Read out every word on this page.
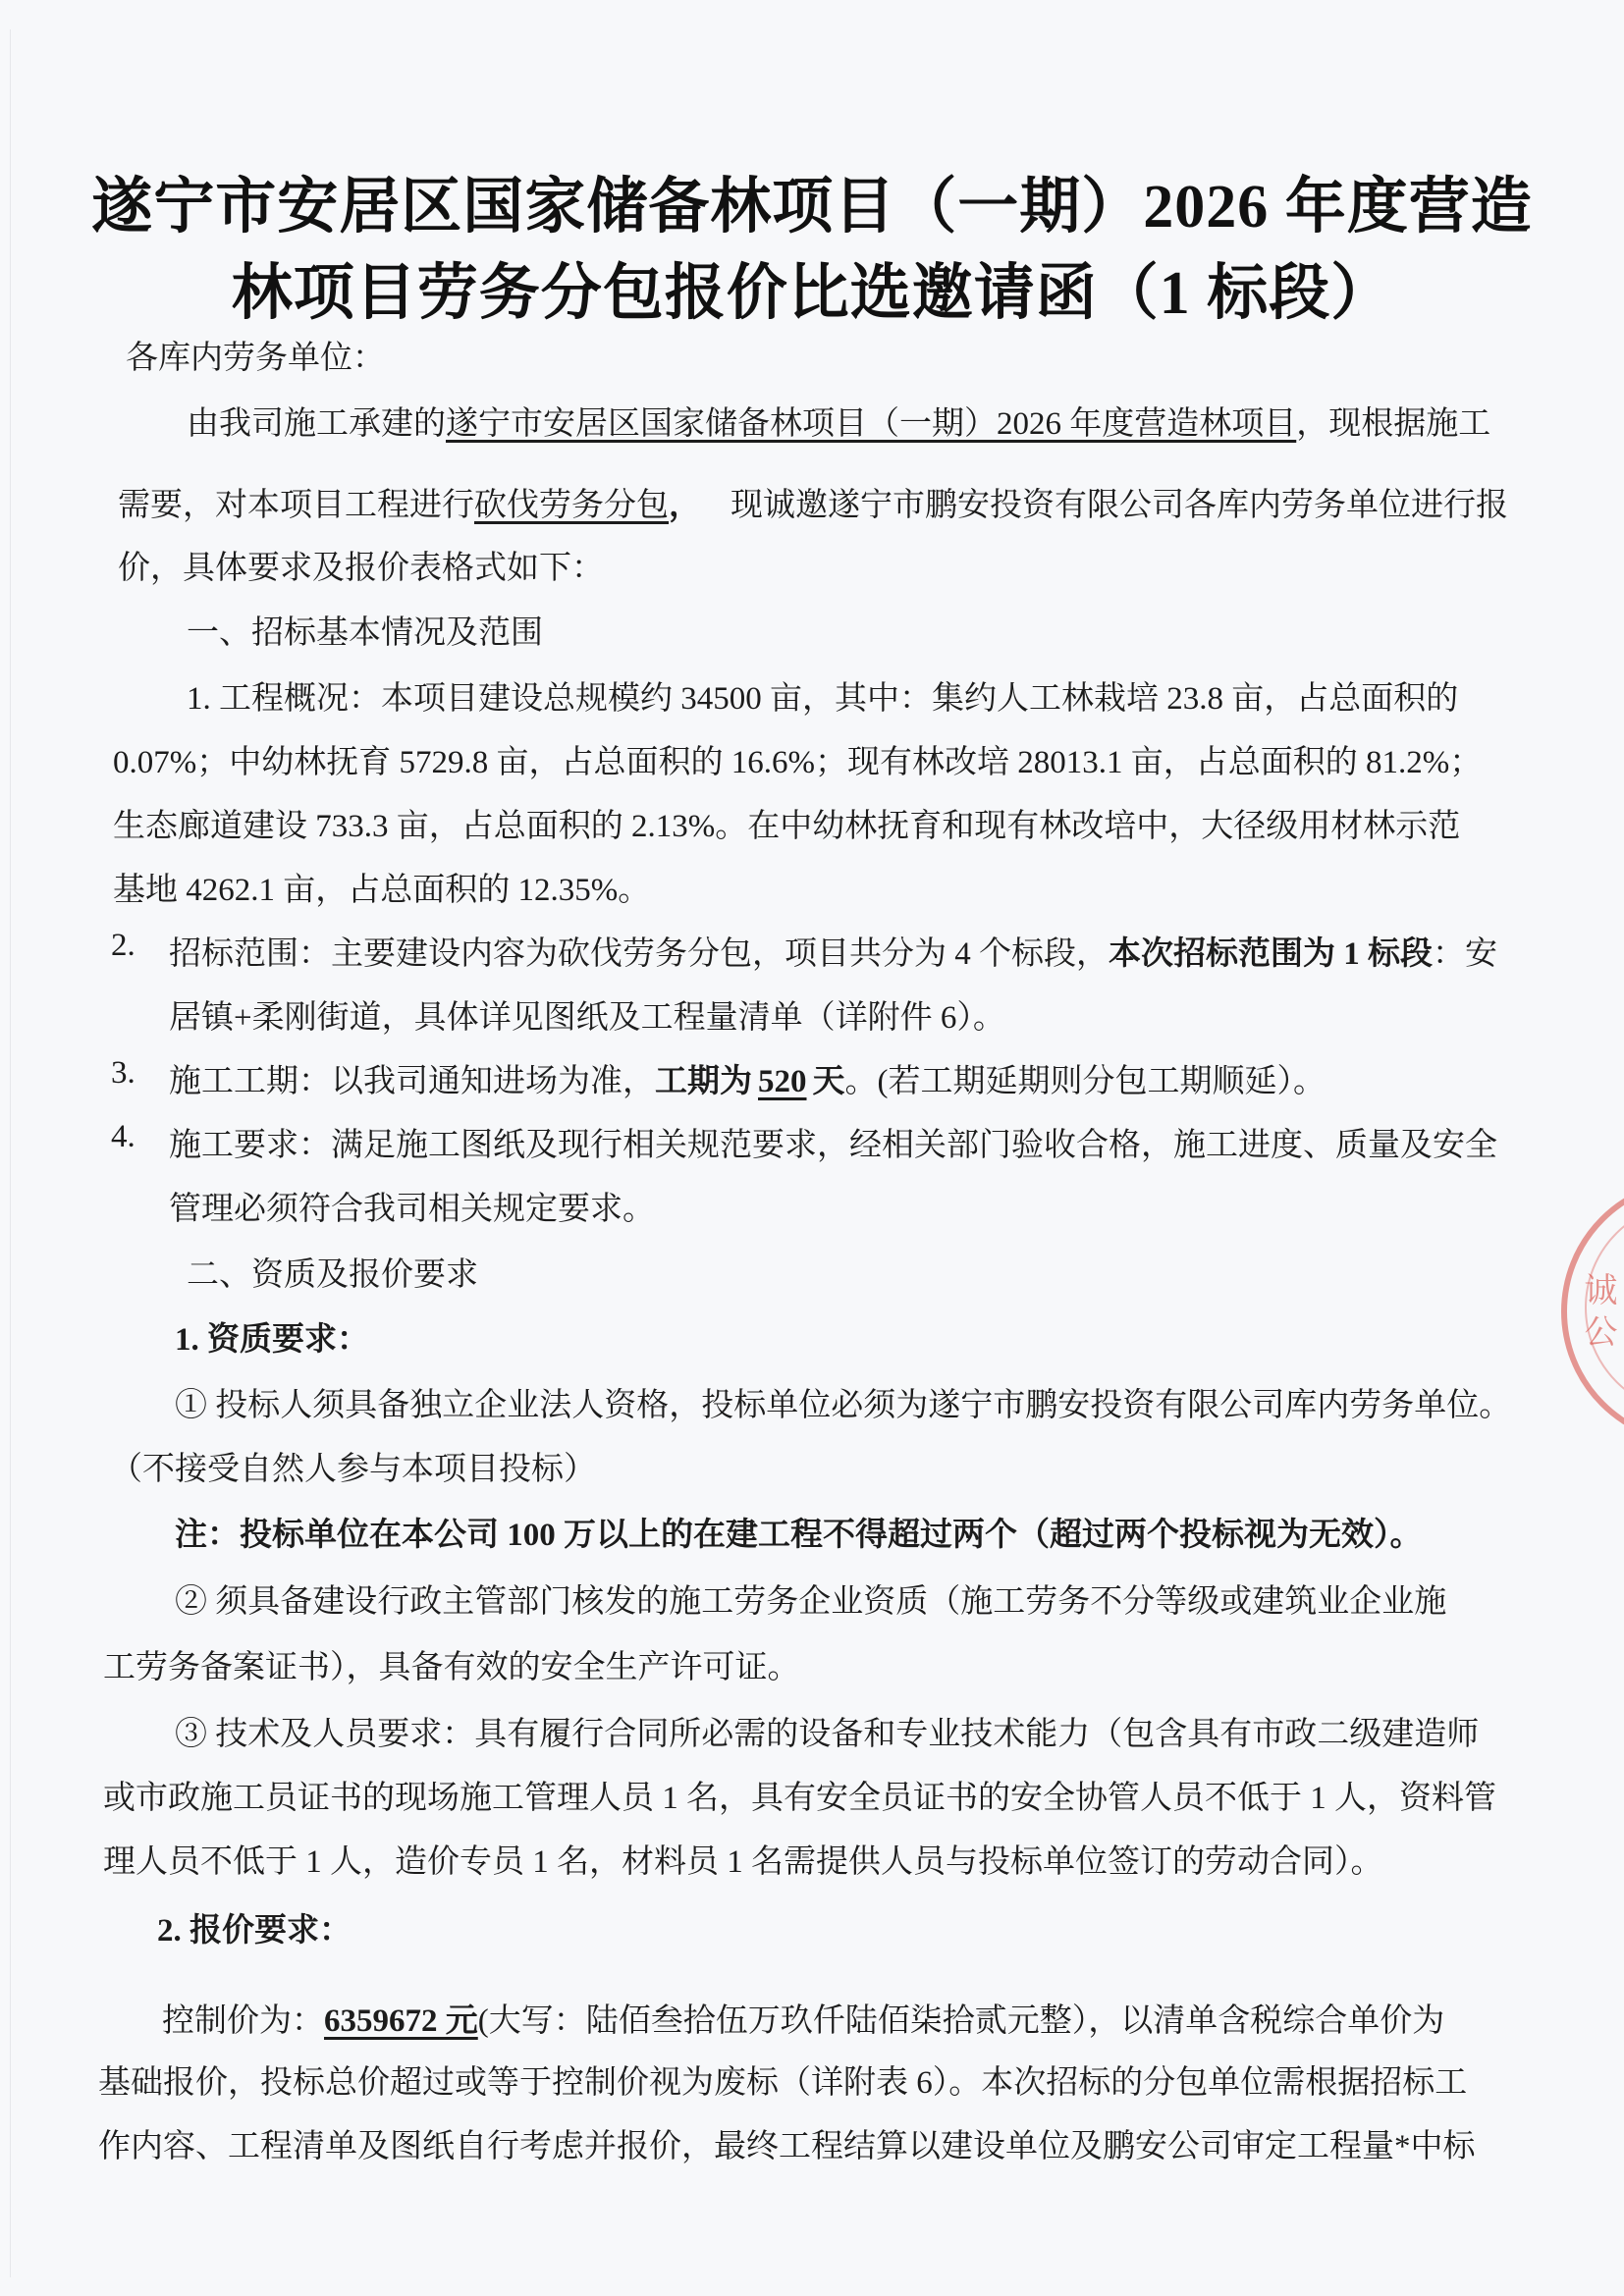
遂宁市安居区国家储备林项目（一期）2026 年度营造
林项目劳务分包报价比选邀请函（1 标段）
各库内劳务单位：
由我司施工承建的遂宁市安居区国家储备林项目（一期）2026 年度营造林项目，现根据施工
需要，对本项目工程进行砍伐劳务分包， 现诚邀遂宁市鹏安投资有限公司各库内劳务单位进行报
价，具体要求及报价表格式如下：
一、招标基本情况及范围
1. 工程概况：本项目建设总规模约 34500 亩，其中：集约人工林栽培 23.8 亩，占总面积的
0.07%；中幼林抚育 5729.8 亩，占总面积的 16.6%；现有林改培 28013.1 亩，占总面积的 81.2%；
生态廊道建设 733.3 亩，占总面积的 2.13%。在中幼林抚育和现有林改培中，大径级用材林示范
基地 4262.1 亩，占总面积的 12.35%。
2. 招标范围：主要建设内容为砍伐劳务分包，项目共分为 4 个标段，本次招标范围为 1 标段：安
居镇+柔刚街道，具体详见图纸及工程量清单（详附件 6）。
3. 施工工期：以我司通知进场为准，工期为 520 天。(若工期延期则分包工期顺延）。
4. 施工要求：满足施工图纸及现行相关规范要求，经相关部门验收合格，施工进度、质量及安全
管理必须符合我司相关规定要求。
二、资质及报价要求
1. 资质要求：
① 投标人须具备独立企业法人资格，投标单位必须为遂宁市鹏安投资有限公司库内劳务单位。
（不接受自然人参与本项目投标）
注：投标单位在本公司 100 万以上的在建工程不得超过两个（超过两个投标视为无效）。
② 须具备建设行政主管部门核发的施工劳务企业资质（施工劳务不分等级或建筑业企业施
工劳务备案证书），具备有效的安全生产许可证。
③ 技术及人员要求：具有履行合同所必需的设备和专业技术能力（包含具有市政二级建造师
或市政施工员证书的现场施工管理人员 1 名，具有安全员证书的安全协管人员不低于 1 人，资料管
理人员不低于 1 人，造价专员 1 名，材料员 1 名需提供人员与投标单位签订的劳动合同）。
2. 报价要求：
控制价为：6359672 元(大写：陆佰叁拾伍万玖仟陆佰柒拾贰元整），以清单含税综合单价为
基础报价，投标总价超过或等于控制价视为废标（详附表 6）。本次招标的分包单位需根据招标工
作内容、工程清单及图纸自行考虑并报价，最终工程结算以建设单位及鹏安公司审定工程量*中标
诚 公
